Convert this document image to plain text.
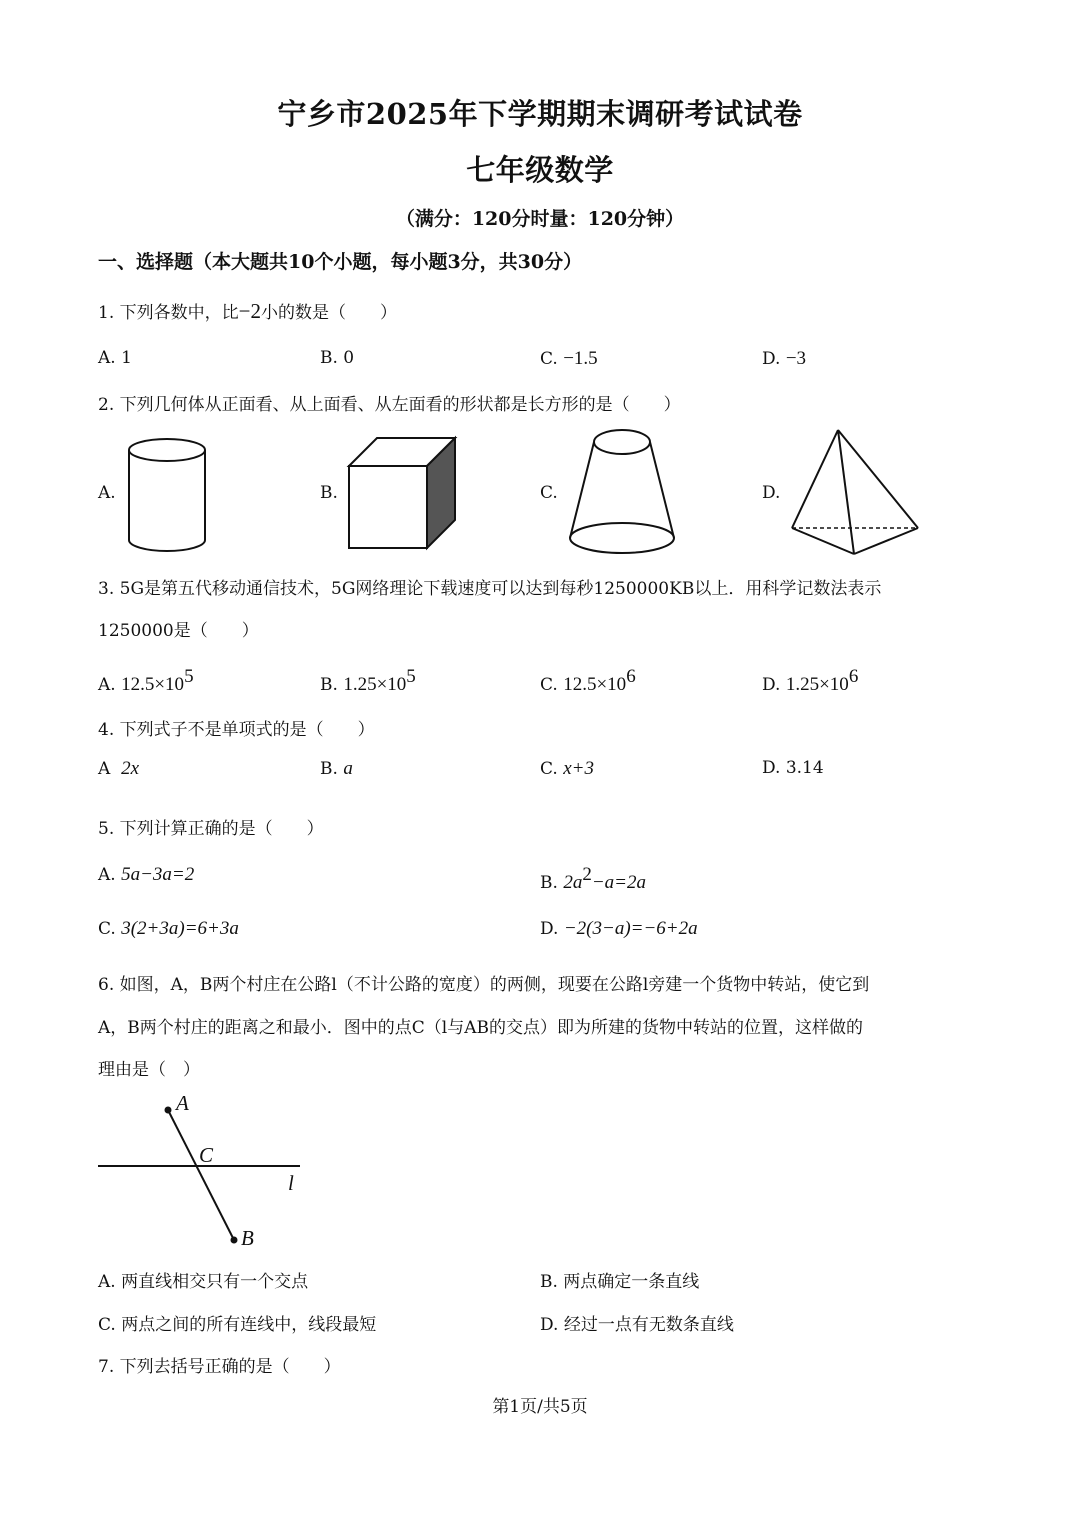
宁乡市2025年下学期期末调研考试试卷
七年级数学
（满分：120分时量：120分钟）
一、选择题（本大题共10个小题，每小题3分，共30分）
1. 下列各数中，比−2小的数是（　　）
A. 1	B. 0	C. −1.5	D. −3
2. 下列几何体从正面看、从上面看、从左面看的形状都是长方形的是（　　）
A.	B.	C.	D.
3. 5G是第五代移动通信技术，5G网络理论下载速度可以达到每秒1250000KB以上．用科学记数法表示
1250000是（　　）
A. $12.5\times 10^5$	B. $1.25\times 10^5$	C. $12.5\times 10^6$	D. $1.25\times 10^6$
4. 下列式子不是单项式的是（　　）
A 2x	B. a	C. x+3	D. 3.14
5. 下列计算正确的是（　　）
A. 5a−3a=2	B. $2a^2-a=2a$
C. 3(2+3a)=6+3a	D. −2(3−a)=−6+2a
6. 如图，A，B两个村庄在公路l（不计公路的宽度）的两侧，现要在公路l旁建一个货物中转站，使它到
A，B两个村庄的距离之和最小．图中的点C（l与AB的交点）即为所建的货物中转站的位置，这样做的
理由是（　）
A
C
l
B
A. 两直线相交只有一个交点	B. 两点确定一条直线
C. 两点之间的所有连线中，线段最短	D. 经过一点有无数条直线
7. 下列去括号正确的是（　　）
第1页/共5页
